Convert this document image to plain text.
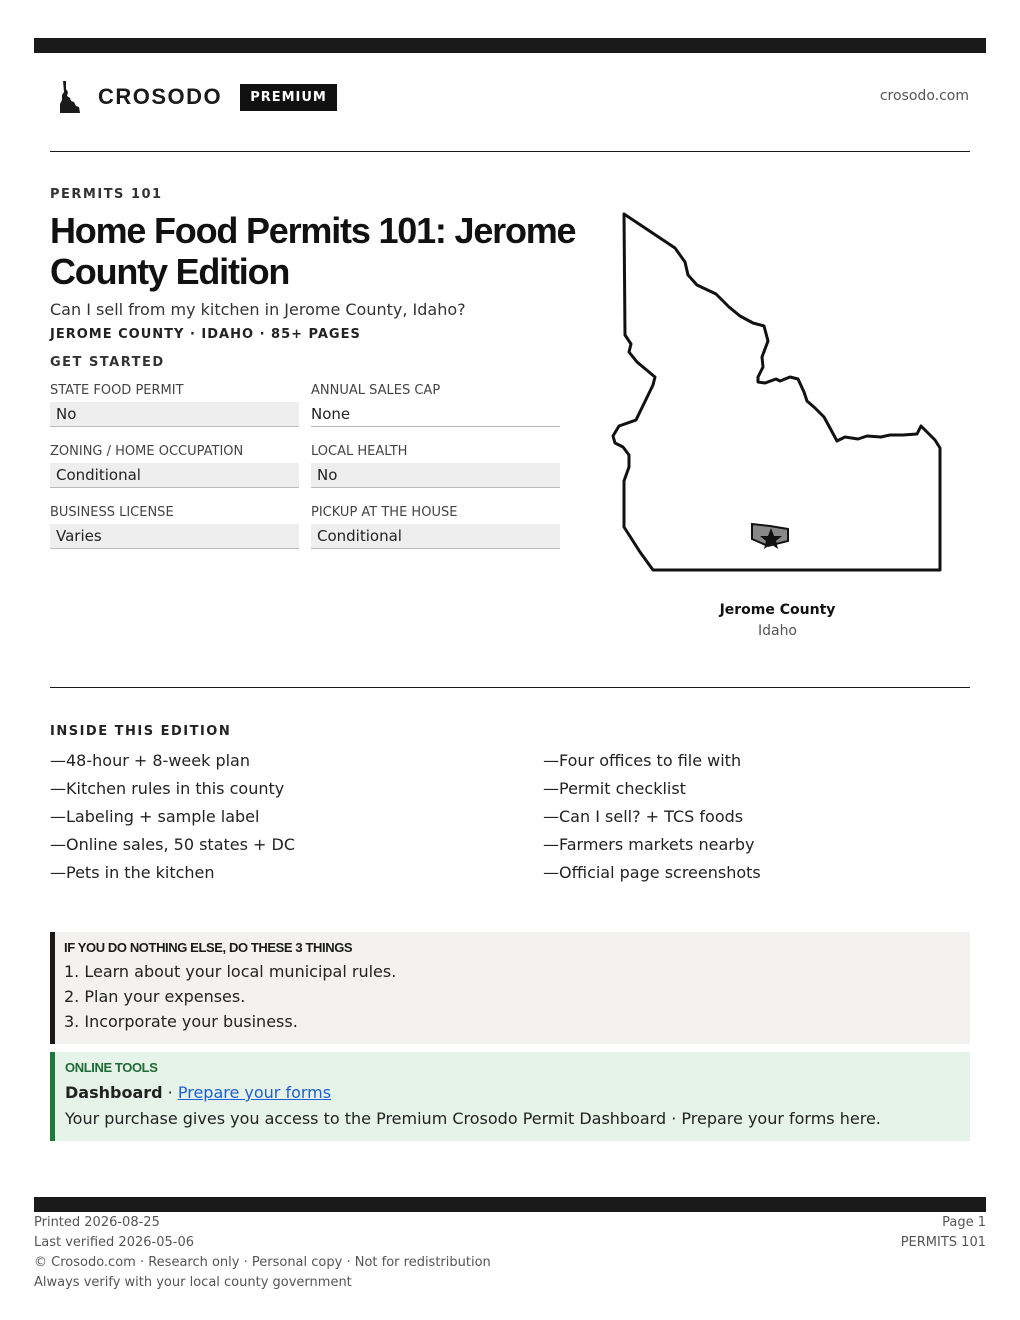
CROSODO	PREMIUM	crosodo.com
PERMITS 101
Home Food Permits 101: Jerome County Edition
Can I sell from my kitchen in Jerome County, Idaho?
JEROME COUNTY · IDAHO · 85+ PAGES
GET STARTED
STATE FOOD PERMIT
No
ANNUAL SALES CAP
None
ZONING / HOME OCCUPATION
Conditional
LOCAL HEALTH
No
BUSINESS LICENSE
Varies
PICKUP AT THE HOUSE
Conditional
Jerome County
Idaho
INSIDE THIS EDITION
—48-hour + 8-week plan
—Kitchen rules in this county
—Labeling + sample label
—Online sales, 50 states + DC
—Pets in the kitchen
—Four offices to file with
—Permit checklist
—Can I sell? + TCS foods
—Farmers markets nearby
—Official page screenshots
IF YOU DO NOTHING ELSE, DO THESE 3 THINGS
1. Learn about your local municipal rules.
2. Plan your expenses.
3. Incorporate your business.
ONLINE TOOLS
Dashboard · Prepare your forms
Your purchase gives you access to the Premium Crosodo Permit Dashboard · Prepare your forms here.
Printed 2026-08-25
Last verified 2026-05-06
© Crosodo.com · Research only · Personal copy · Not for redistribution
Always verify with your local county government
Page 1
PERMITS 101
